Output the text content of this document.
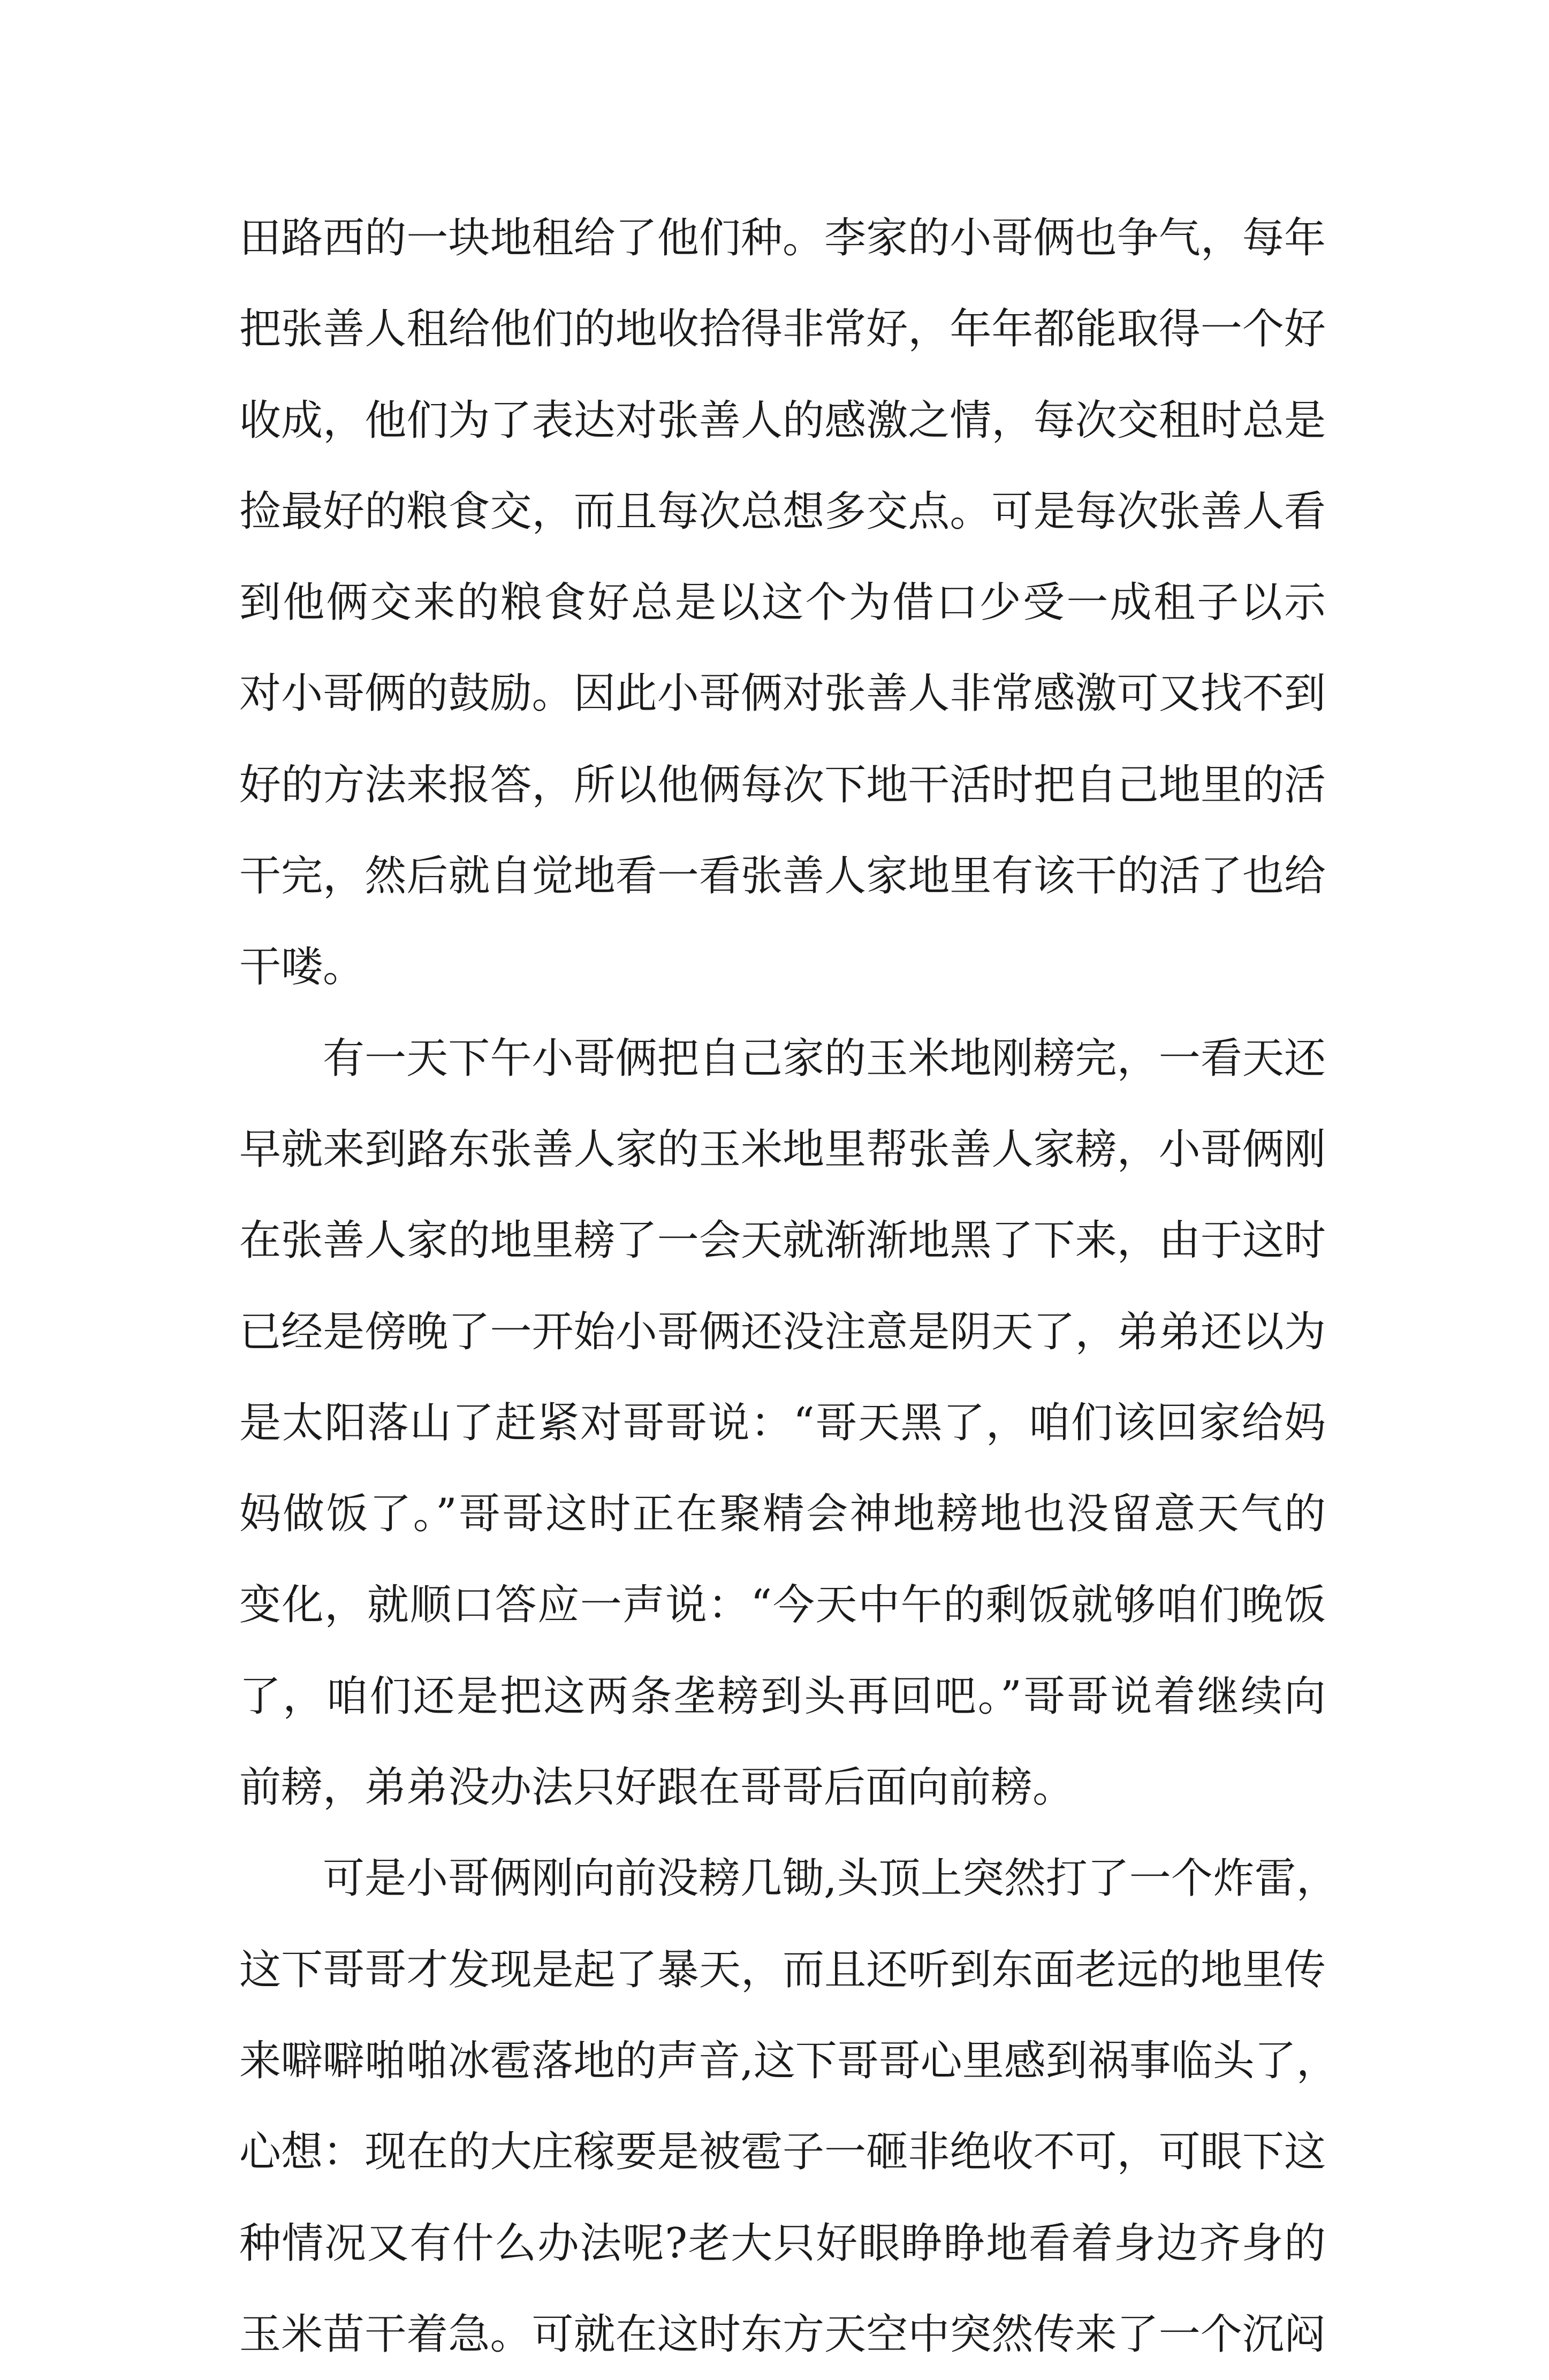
田路西的一块地租给了他们种。李家的小哥俩也争气，每年
把张善人租给他们的地收拾得非常好，年年都能取得一个好
收成，他们为了表达对张善人的感激之情，每次交租时总是
捡最好的粮食交，而且每次总想多交点。可是每次张善人看
到他俩交来的粮食好总是以这个为借口少受一成租子以示
对小哥俩的鼓励。因此小哥俩对张善人非常感激可又找不到
好的方法来报答，所以他俩每次下地干活时把自己地里的活
干完，然后就自觉地看一看张善人家地里有该干的活了也给
干喽。
有一天下午小哥俩把自己家的玉米地刚耪完，一看天还
早就来到路东张善人家的玉米地里帮张善人家耪，小哥俩刚
在张善人家的地里耪了一会天就渐渐地黑了下来，由于这时
已经是傍晚了一开始小哥俩还没注意是阴天了，弟弟还以为
是太阳落山了赶紧对哥哥说：“哥天黑了，咱们该回家给妈
妈做饭了。”哥哥这时正在聚精会神地耪地也没留意天气的
变化，就顺口答应一声说：“今天中午的剩饭就够咱们晚饭
了，咱们还是把这两条垄耪到头再回吧。”哥哥说着继续向
前耪，弟弟没办法只好跟在哥哥后面向前耪。
可是小哥俩刚向前没耪几锄,头顶上突然打了一个炸雷，
这下哥哥才发现是起了暴天，而且还听到东面老远的地里传
来噼噼啪啪冰雹落地的声音,这下哥哥心里感到祸事临头了，
心想：现在的大庄稼要是被雹子一砸非绝收不可，可眼下这
种情况又有什么办法呢?老大只好眼睁睁地看着身边齐身的
玉米苗干着急。可就在这时东方天空中突然传来了一个沉闷
